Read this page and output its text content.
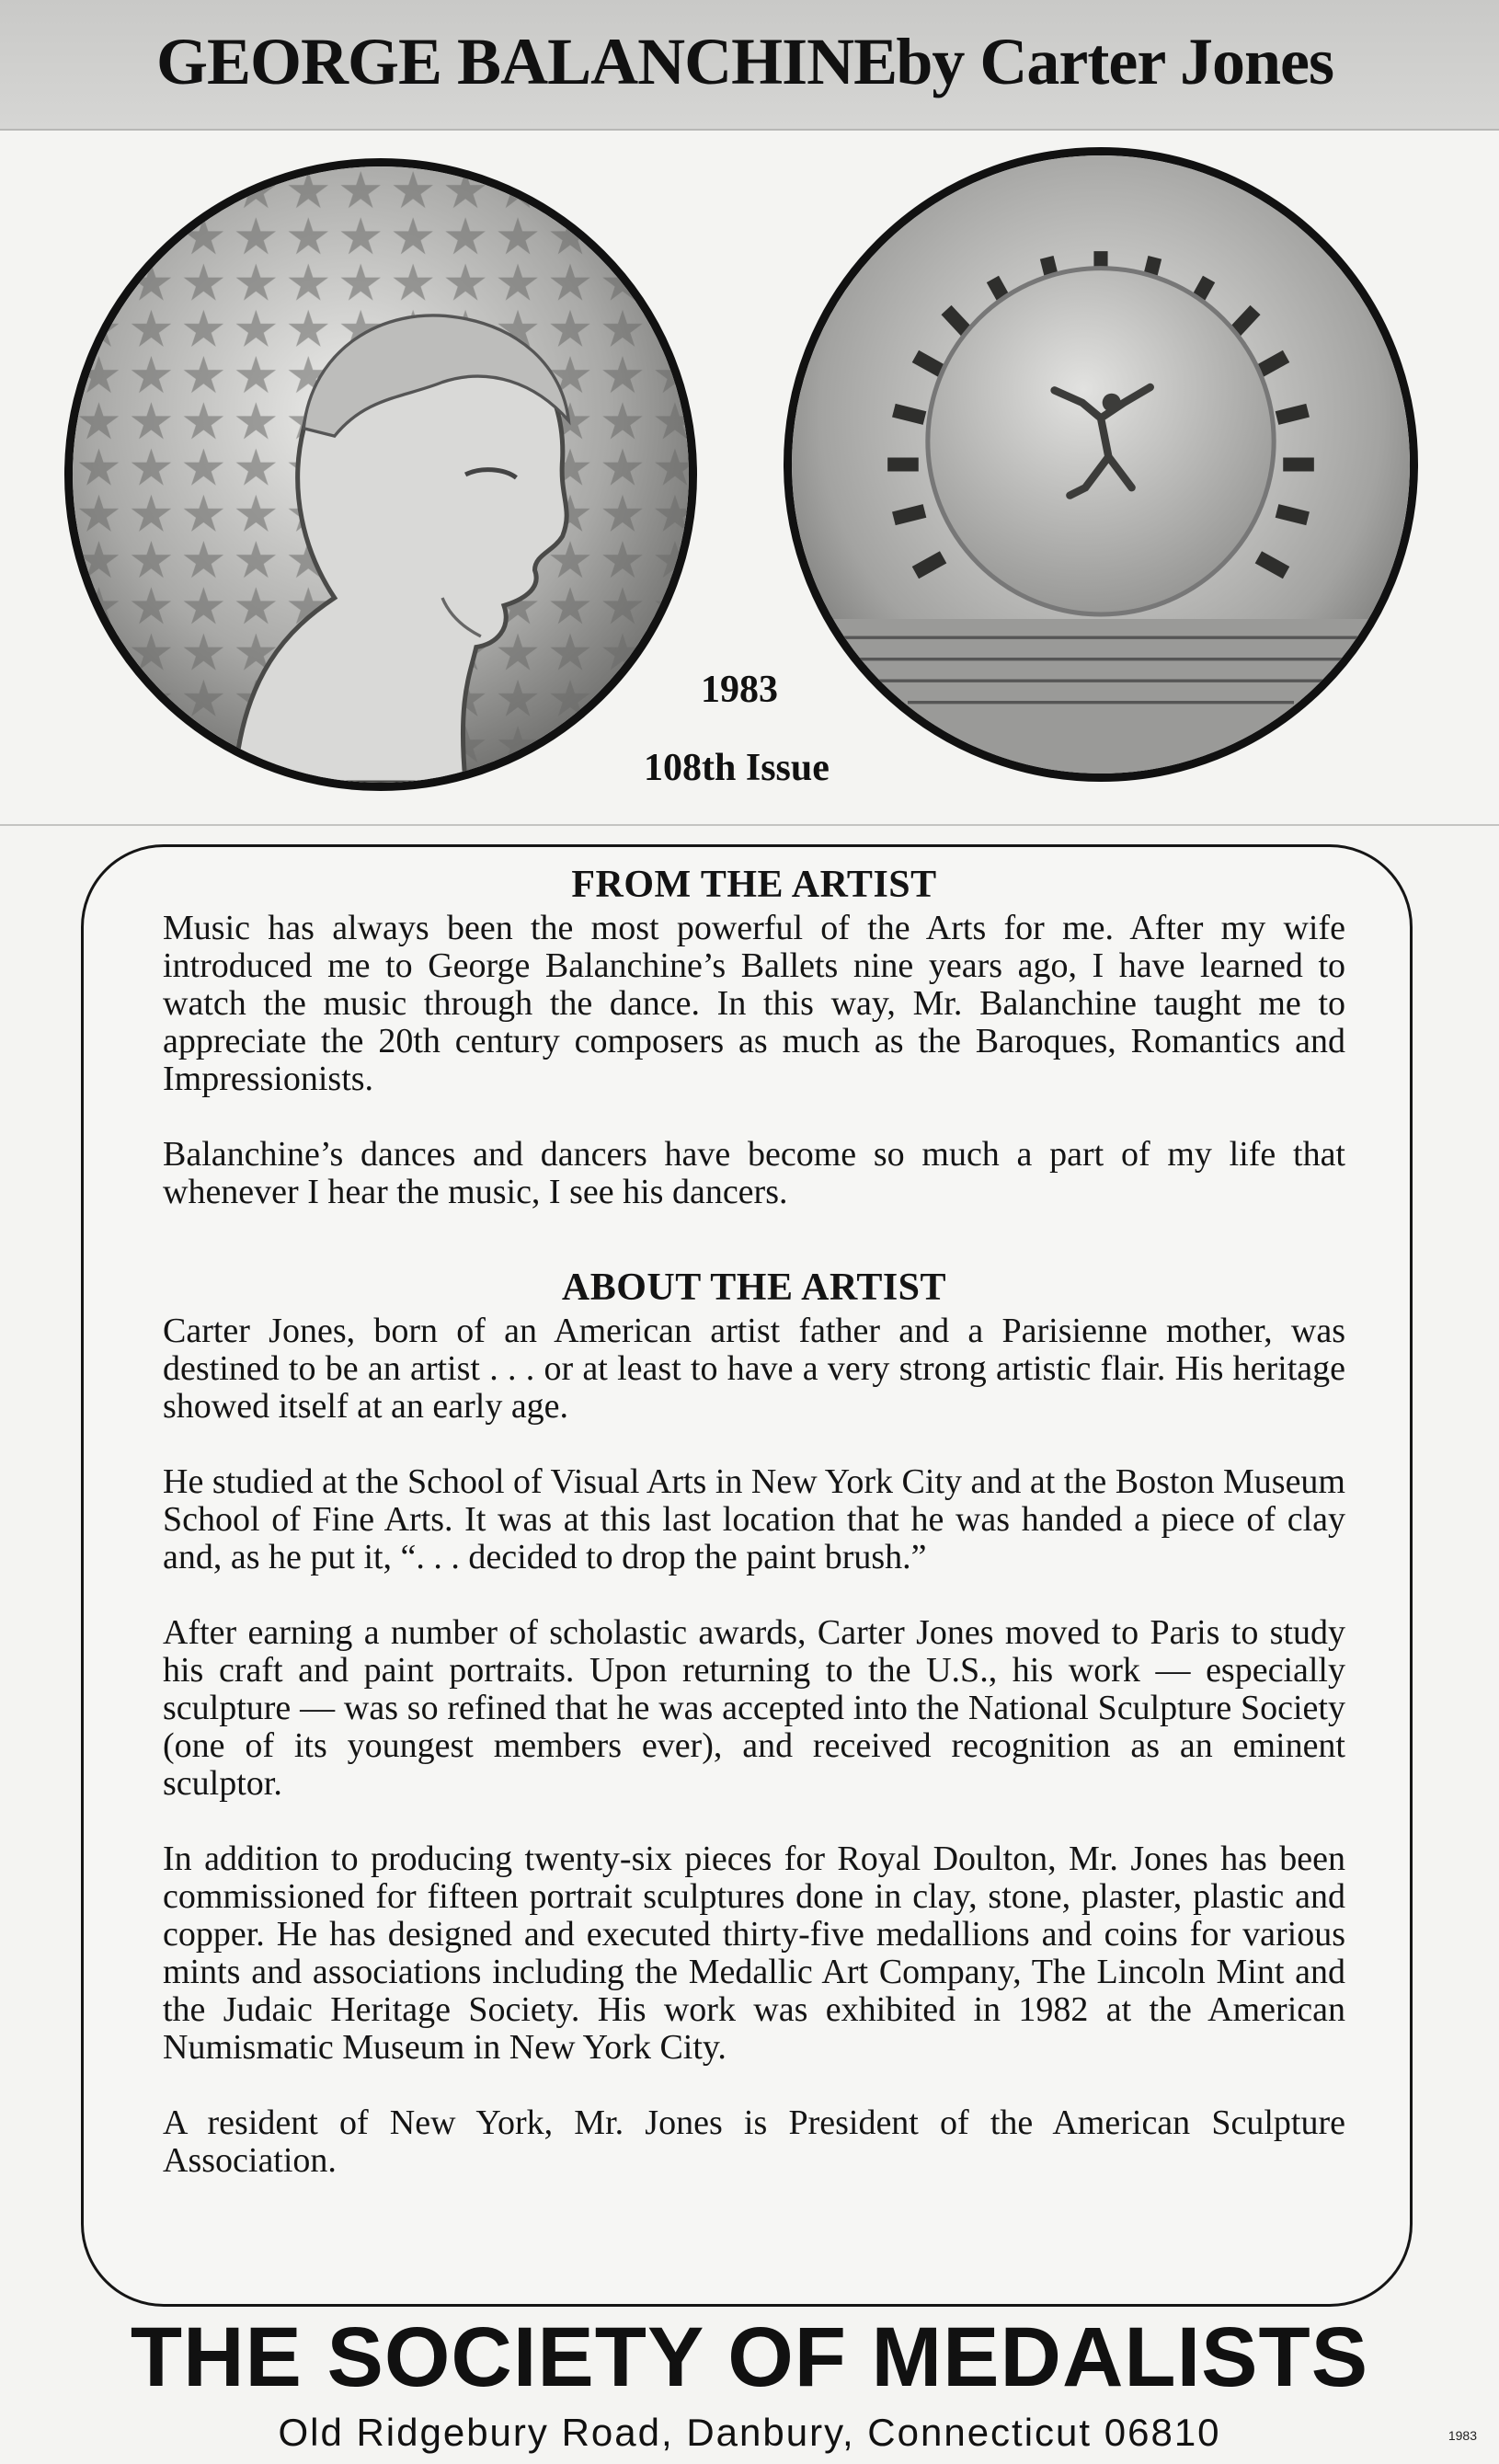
GEORGE BALANCHINE by Carter Jones

1983

108th Issue

FROM THE ARTIST

Music has always been the most powerful of the Arts for me. After my wife introduced me to George Balanchine’s Ballets nine years ago, I have learned to watch the music through the dance. In this way, Mr. Balanchine taught me to appreciate the 20th century composers as much as the Baroques, Romantics and Impressionists.

Balanchine’s dances and dancers have become so much a part of my life that whenever I hear the music, I see his dancers.

ABOUT THE ARTIST

Carter Jones, born of an American artist father and a Parisienne mother, was destined to be an artist . . . or at least to have a very strong artistic flair. His heritage showed itself at an early age.

He studied at the School of Visual Arts in New York City and at the Boston Museum School of Fine Arts. It was at this last location that he was handed a piece of clay and, as he put it, “. . . decided to drop the paint brush.”

After earning a number of scholastic awards, Carter Jones moved to Paris to study his craft and paint portraits. Upon returning to the U.S., his work — especially sculpture — was so refined that he was accepted into the National Sculpture Society (one of its youngest members ever), and received recognition as an eminent sculptor.

In addition to producing twenty-six pieces for Royal Doulton, Mr. Jones has been commissioned for fifteen portrait sculptures done in clay, stone, plaster, plastic and copper. He has designed and executed thirty-five medallions and coins for various mints and associations including the Medallic Art Company, The Lincoln Mint and the Judaic Heritage Society. His work was exhibited in 1982 at the American Numismatic Museum in New York City.

A resident of New York, Mr. Jones is President of the American Sculpture Association.

THE SOCIETY OF MEDALISTS

Old Ridgebury Road, Danbury, Connecticut 06810	1983
